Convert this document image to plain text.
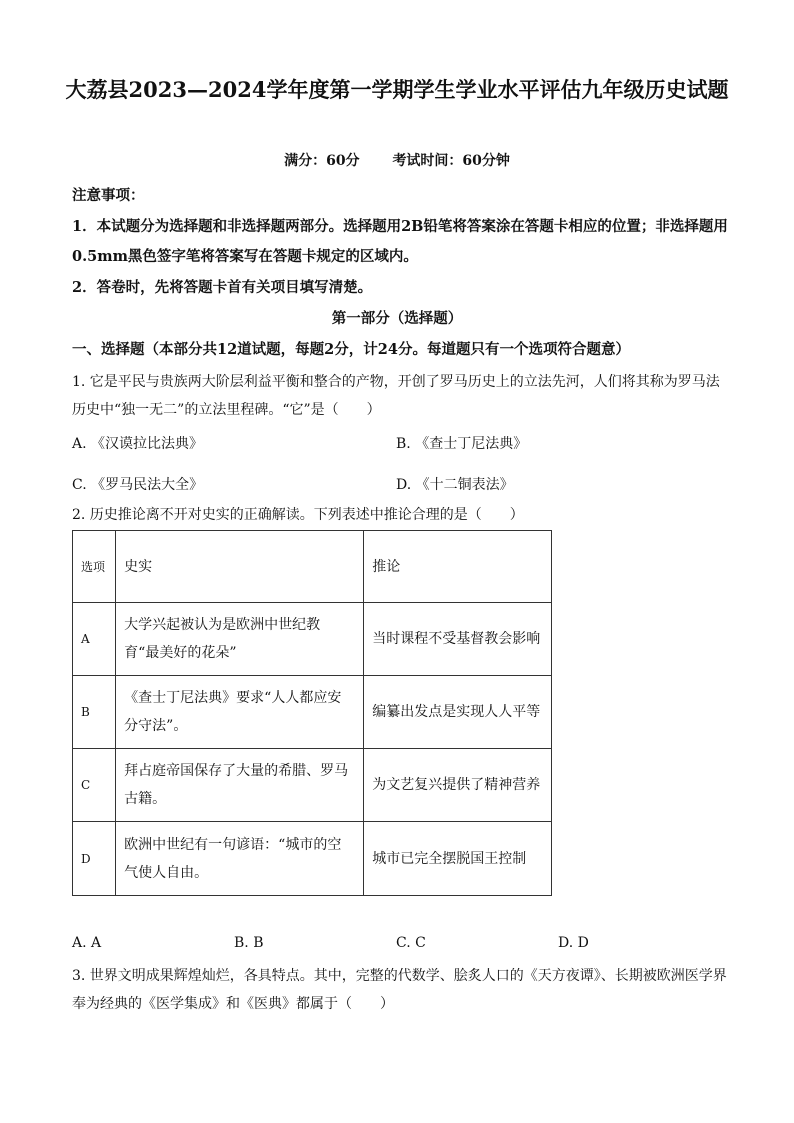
大荔县2023—2024学年度第一学期学生学业水平评估九年级历史试题
满分：60分 考试时间：60分钟
注意事项：
1．本试题分为选择题和非选择题两部分。选择题用2B铅笔将答案涂在答题卡相应的位置；非选择题用0.5mm黑色签字笔将答案写在答题卡规定的区域内。
2．答卷时，先将答题卡首有关项目填写清楚。
第一部分（选择题）
一、选择题（本部分共12道试题，每题2分，计24分。每道题只有一个选项符合题意）
1. 它是平民与贵族两大阶层利益平衡和整合的产物，开创了罗马历史上的立法先河，人们将其称为罗马法历史中“独一无二”的立法里程碑。“它”是（　　）
A. 《汉谟拉比法典》	B. 《查士丁尼法典》
C. 《罗马民法大全》	D. 《十二铜表法》
2. 历史推论离不开对史实的正确解读。下列表述中推论合理的是（　　）
选项	史实	推论
A	大学兴起被认为是欧洲中世纪教育“最美好的花朵”	当时课程不受基督教会影响
B	《查士丁尼法典》要求“人人都应安分守法”。	编纂出发点是实现人人平等
C	拜占庭帝国保存了大量的希腊、罗马古籍。	为文艺复兴提供了精神营养
D	欧洲中世纪有一句谚语：“城市的空气使人自由。	城市已完全摆脱国王控制
A. A	B. B	C. C	D. D
3. 世界文明成果辉煌灿烂，各具特点。其中，完整的代数学、脍炙人口的《天方夜谭》、长期被欧洲医学界奉为经典的《医学集成》和《医典》都属于（　　）
